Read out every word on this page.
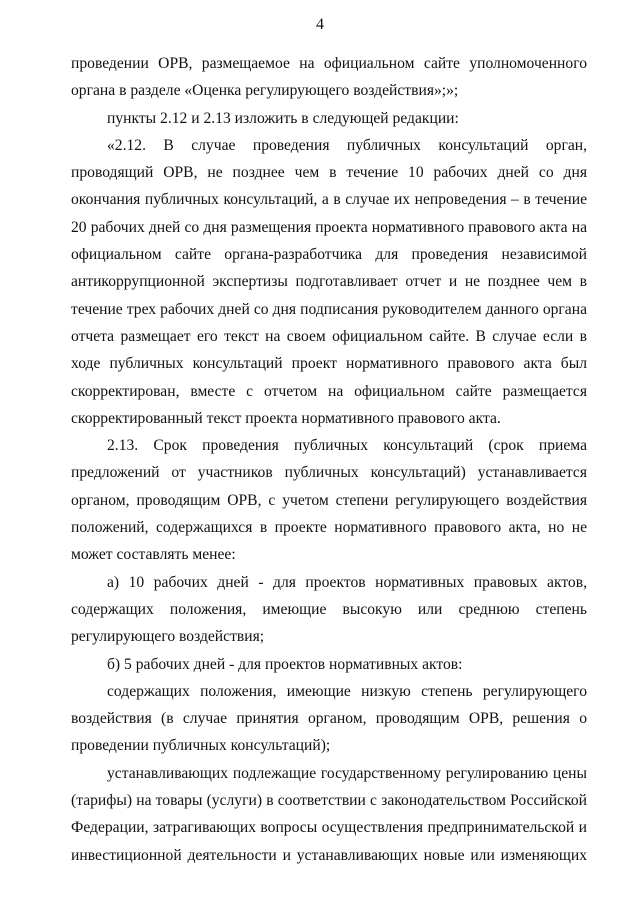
4

проведении ОРВ, размещаемое на официальном сайте уполномоченного органа в разделе «Оценка регулирующего воздействия»;»;

пункты 2.12 и 2.13 изложить в следующей редакции:

«2.12. В случае проведения публичных консультаций орган, проводящий ОРВ, не позднее чем в течение 10 рабочих дней со дня окончания публичных консультаций, а в случае их непроведения – в течение 20 рабочих дней со дня размещения проекта нормативного правового акта на официальном сайте органа-разработчика для проведения независимой антикоррупционной экспертизы подготавливает отчет и не позднее чем в течение трех рабочих дней со дня подписания руководителем данного органа отчета размещает его текст на своем официальном сайте. В случае если в ходе публичных консультаций проект нормативного правового акта был скорректирован, вместе с отчетом на официальном сайте размещается скорректированный текст проекта нормативного правового акта.

2.13. Срок проведения публичных консультаций (срок приема предложений от участников публичных консультаций) устанавливается органом, проводящим ОРВ, с учетом степени регулирующего воздействия положений, содержащихся в проекте нормативного правового акта, но не может составлять менее:

а) 10 рабочих дней - для проектов нормативных правовых актов, содержащих положения, имеющие высокую или среднюю степень регулирующего воздействия;

б) 5 рабочих дней - для проектов нормативных актов:

содержащих положения, имеющие низкую степень регулирующего воздействия (в случае принятия органом, проводящим ОРВ, решения о проведении публичных консультаций);

устанавливающих подлежащие государственному регулированию цены (тарифы) на товары (услуги) в соответствии с законодательством Российской Федерации, затрагивающих вопросы осуществления предпринимательской и инвестиционной деятельности и устанавливающих новые или изменяющих
